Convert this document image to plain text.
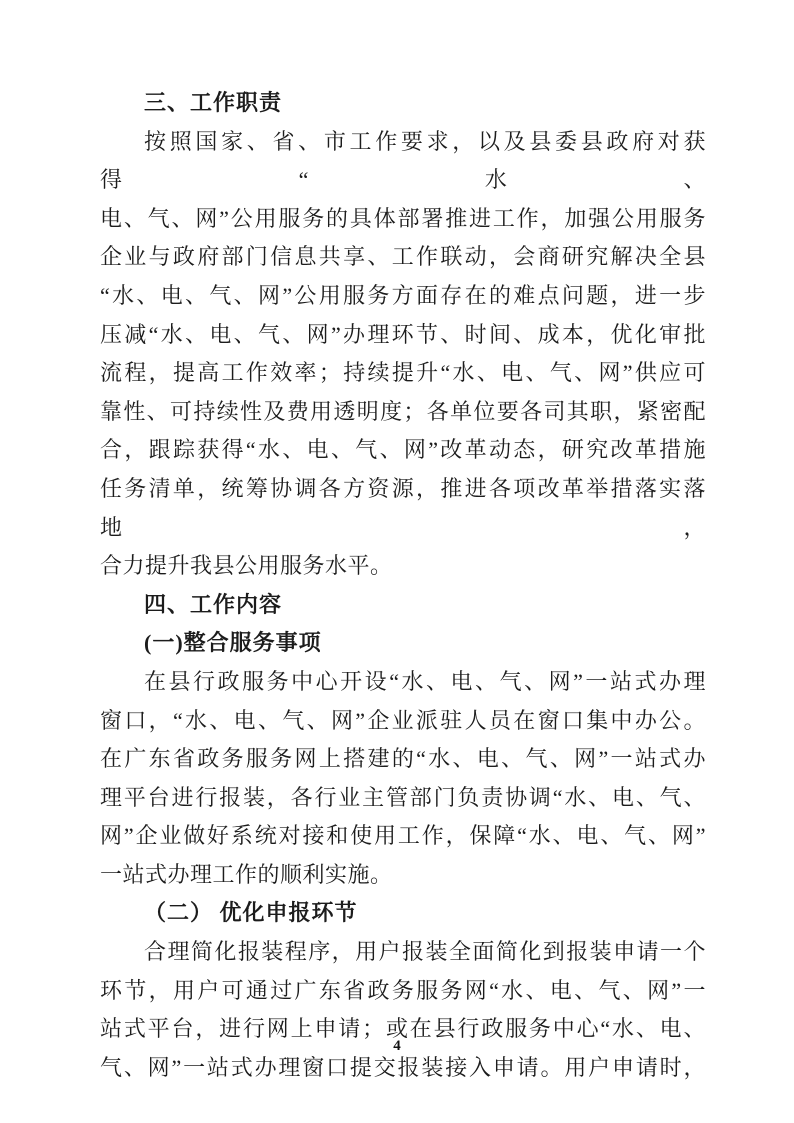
三、工作职责
按照国家、省、市工作要求，以及县委县政府对获得“水、
电、气、网”公用服务的具体部署推进工作，加强公用服务
企业与政府部门信息共享、工作联动，会商研究解决全县
“水、电、气、网”公用服务方面存在的难点问题，进一步
压减“水、电、气、网”办理环节、时间、成本，优化审批
流程，提高工作效率；持续提升“水、电、气、网”供应可
靠性、可持续性及费用透明度；各单位要各司其职，紧密配
合，跟踪获得“水、电、气、网”改革动态，研究改革措施
任务清单，统筹协调各方资源，推进各项改革举措落实落地，
合力提升我县公用服务水平。
四、工作内容
(一)整合服务事项
在县行政服务中心开设“水、电、气、网”一站式办理
窗口，“水、电、气、网”企业派驻人员在窗口集中办公。
在广东省政务服务网上搭建的“水、电、气、网”一站式办
理平台进行报装，各行业主管部门负责协调“水、电、气、
网”企业做好系统对接和使用工作，保障“水、电、气、网”
一站式办理工作的顺利实施。
（二） 优化申报环节
合理简化报装程序，用户报装全面简化到报装申请一个
环节，用户可通过广东省政务服务网“水、电、气、网”一
站式平台，进行网上申请；或在县行政服务中心“水、电、
气、网”一站式办理窗口提交报装接入申请。用户申请时，
4
